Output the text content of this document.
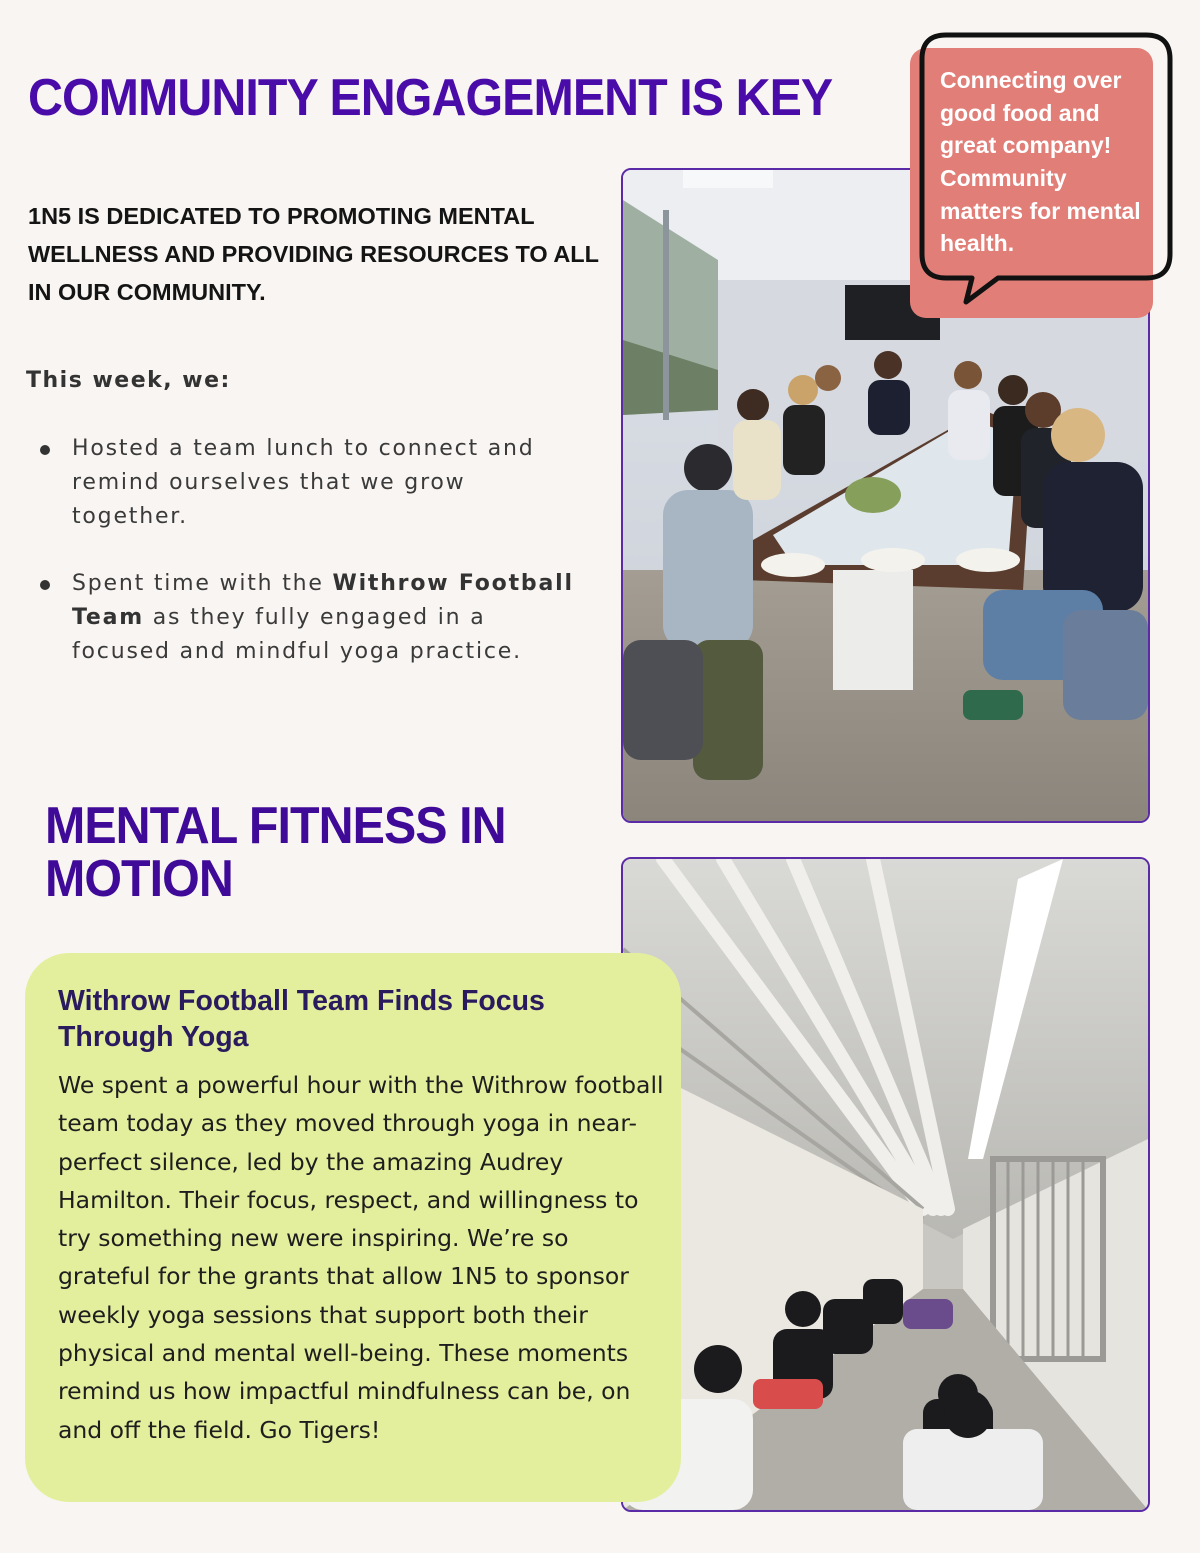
COMMUNITY ENGAGEMENT IS KEY
1N5 IS DEDICATED TO PROMOTING MENTAL WELLNESS AND PROVIDING RESOURCES TO ALL IN OUR COMMUNITY.
This week, we:
Hosted a team lunch to connect and remind ourselves that we grow together.
Spent time with the Withrow Football Team as they fully engaged in a focused and mindful yoga practice.
Connecting over good food and great company! Community matters for mental health.
MENTAL FITNESS IN MOTION
Withrow Football Team Finds Focus Through Yoga
We spent a powerful hour with the Withrow football team today as they moved through yoga in near-perfect silence, led by the amazing Audrey Hamilton. Their focus, respect, and willingness to try something new were inspiring. We’re so grateful for the grants that allow 1N5 to sponsor weekly yoga sessions that support both their physical and mental well-being. These moments remind us how impactful mindfulness can be, on and off the field. Go Tigers!
